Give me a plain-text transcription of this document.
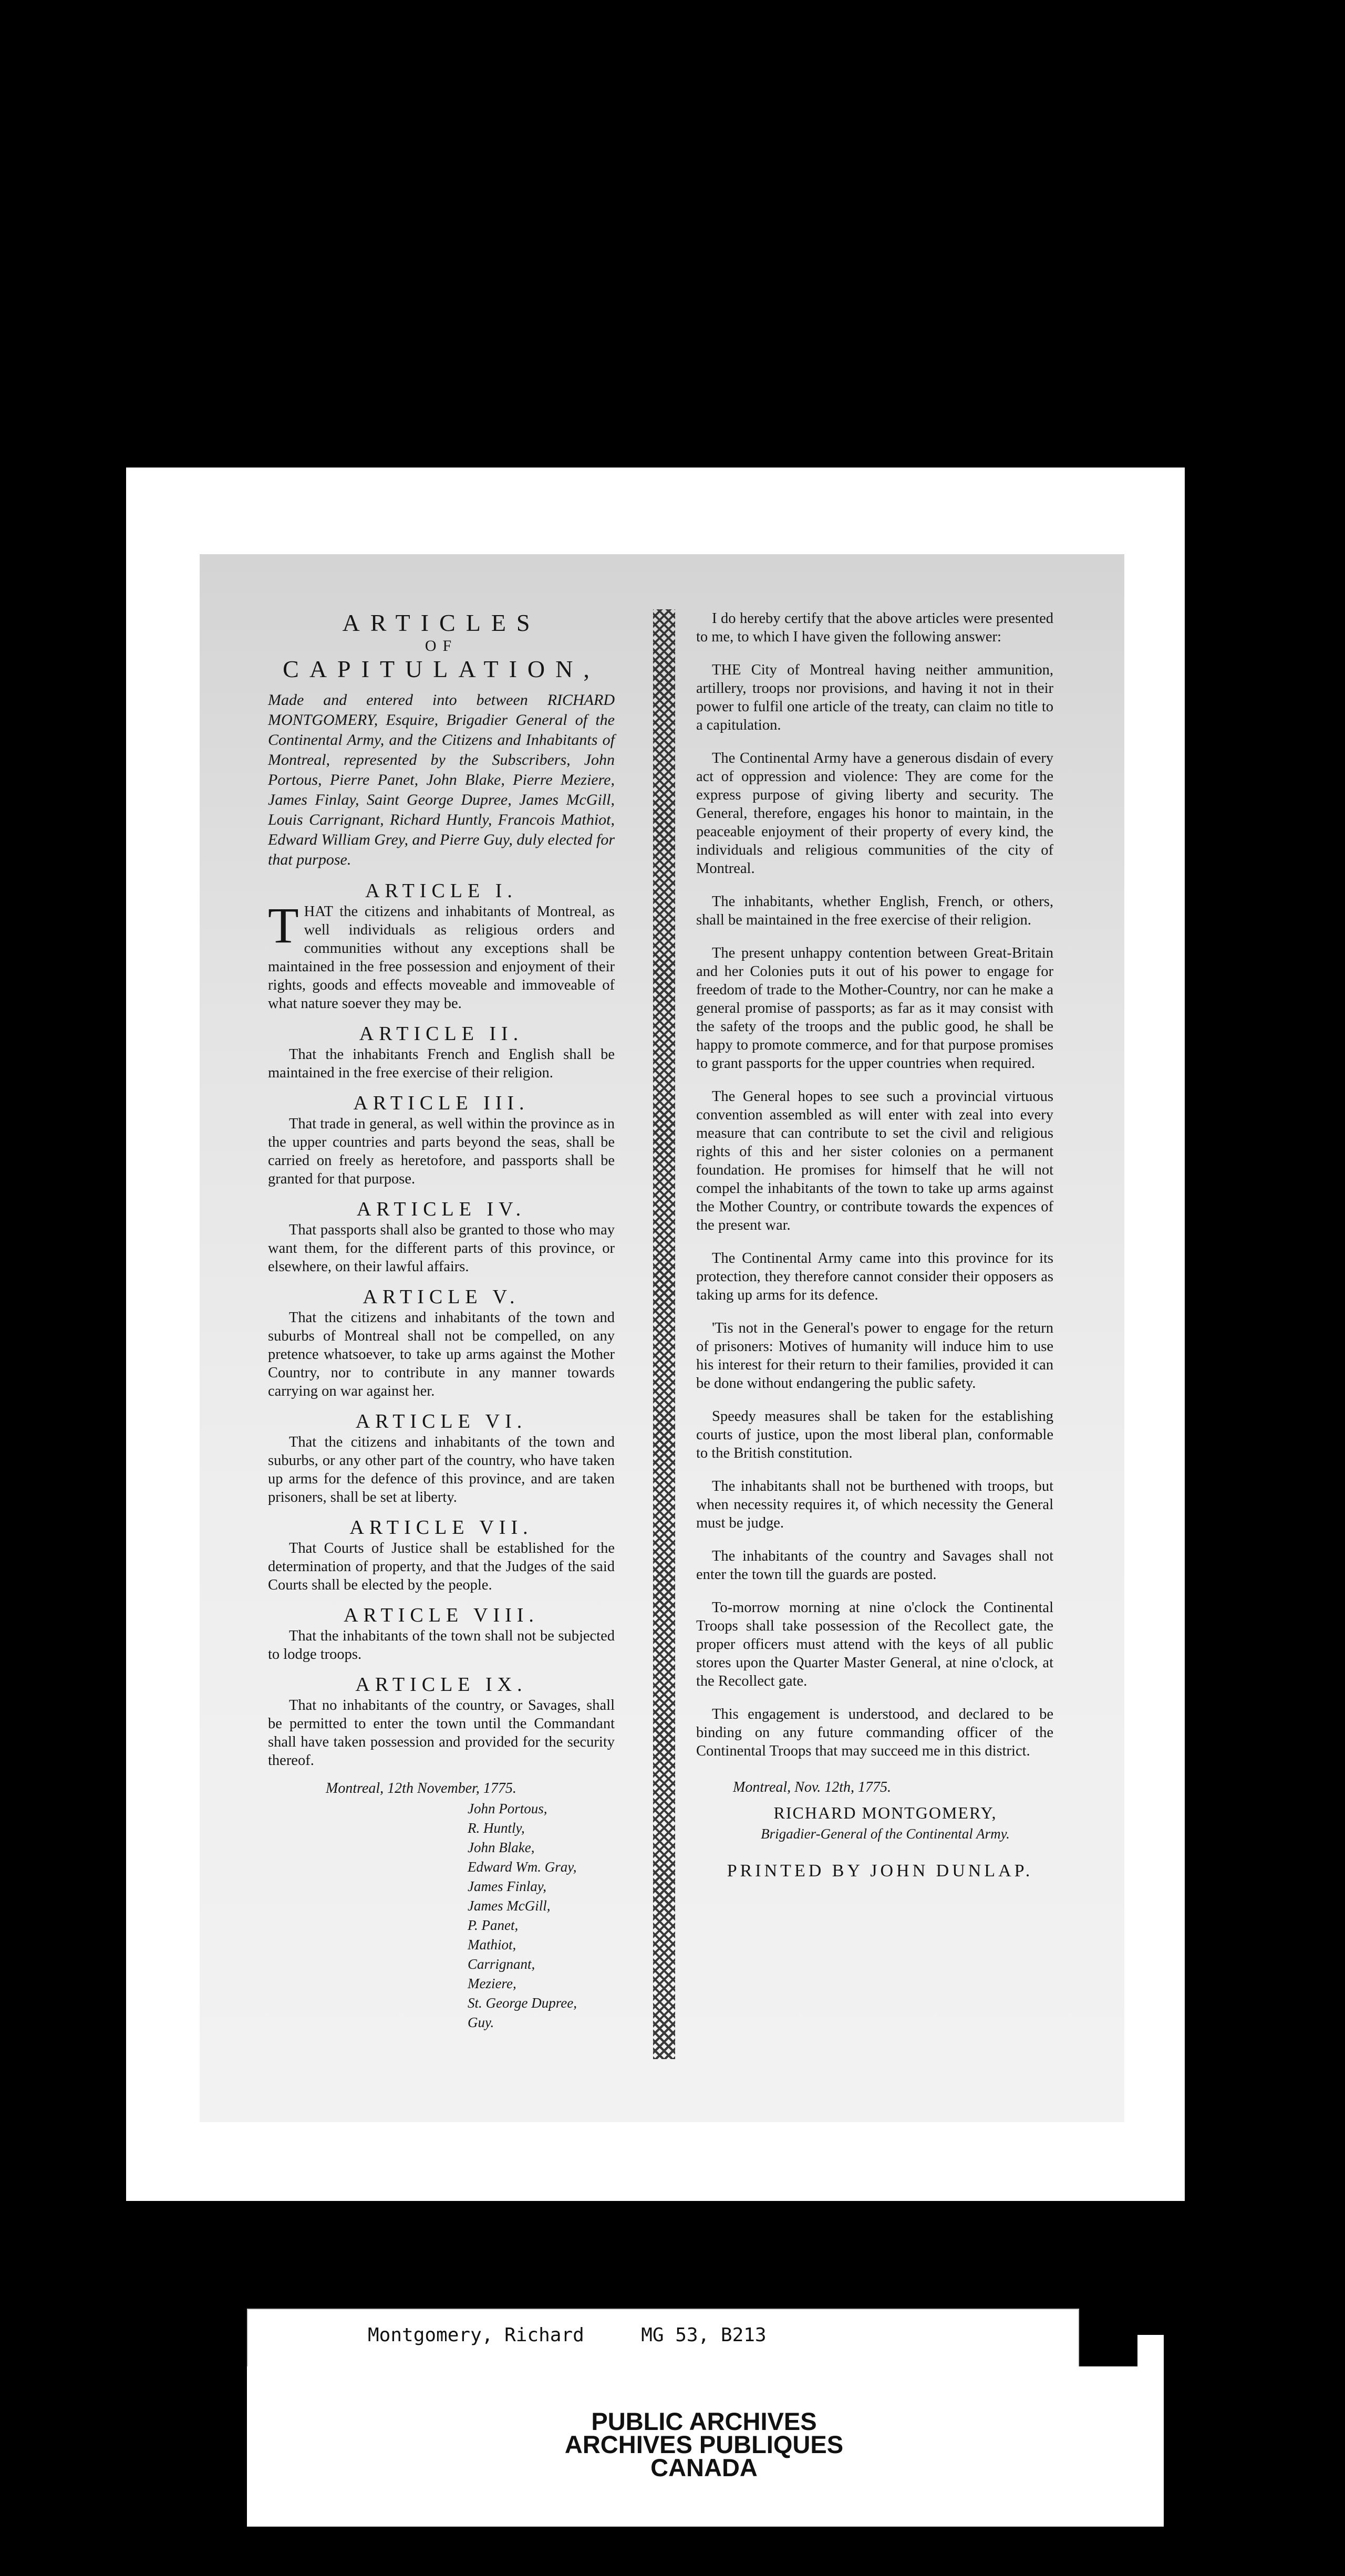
ARTICLES
OF
CAPITULATION,
Made and entered into between RICHARD MONTGOMERY, Esquire, Brigadier General of the Continental Army, and the Citizens and Inhabitants of Montreal, represented by the Subscribers, John Portous, Pierre Panet, John Blake, Pierre Meziere, James Finlay, Saint George Dupree, James McGill, Louis Carrignant, Richard Huntly, Francois Mathiot, Edward William Grey, and Pierre Guy, duly elected for that purpose.
ARTICLE I.
THAT the citizens and inhabitants of Montreal, as well individuals as religious orders and communities without any exceptions shall be maintained in the free possession and enjoyment of their rights, goods and effects moveable and immoveable of what nature soever they may be.
ARTICLE II.
That the inhabitants French and English shall be maintained in the free exercise of their religion.
ARTICLE III.
That trade in general, as well within the province as in the upper countries and parts beyond the seas, shall be carried on freely as heretofore, and passports shall be granted for that purpose.
ARTICLE IV.
That passports shall also be granted to those who may want them, for the different parts of this province, or elsewhere, on their lawful affairs.
ARTICLE V.
That the citizens and inhabitants of the town and suburbs of Montreal shall not be compelled, on any pretence whatsoever, to take up arms against the Mother Country, nor to contribute in any manner towards carrying on war against her.
ARTICLE VI.
That the citizens and inhabitants of the town and suburbs, or any other part of the country, who have taken up arms for the defence of this province, and are taken prisoners, shall be set at liberty.
ARTICLE VII.
That Courts of Justice shall be established for the determination of property, and that the Judges of the said Courts shall be elected by the people.
ARTICLE VIII.
That the inhabitants of the town shall not be subjected to lodge troops.
ARTICLE IX.
That no inhabitants of the country, or Savages, shall be permitted to enter the town until the Commandant shall have taken possession and provided for the security thereof.
Montreal, 12th November, 1775.
John Portous,
R. Huntly,
John Blake,
Edward Wm. Gray,
James Finlay,
James McGill,
P. Panet,
Mathiot,
Carrignant,
Meziere,
St. George Dupree,
Guy.
I do hereby certify that the above articles were presented to me, to which I have given the following answer:
THE City of Montreal having neither ammunition, artillery, troops nor provisions, and having it not in their power to fulfil one article of the treaty, can claim no title to a capitulation.
The Continental Army have a generous disdain of every act of oppression and violence: They are come for the express purpose of giving liberty and security. The General, therefore, engages his honor to maintain, in the peaceable enjoyment of their property of every kind, the individuals and religious communities of the city of Montreal.
The inhabitants, whether English, French, or others, shall be maintained in the free exercise of their religion.
The present unhappy contention between Great-Britain and her Colonies puts it out of his power to engage for freedom of trade to the Mother-Country, nor can he make a general promise of passports; as far as it may consist with the safety of the troops and the public good, he shall be happy to promote commerce, and for that purpose promises to grant passports for the upper countries when required.
The General hopes to see such a provincial virtuous convention assembled as will enter with zeal into every measure that can contribute to set the civil and religious rights of this and her sister colonies on a permanent foundation. He promises for himself that he will not compel the inhabitants of the town to take up arms against the Mother Country, or contribute towards the expences of the present war.
The Continental Army came into this province for its protection, they therefore cannot consider their opposers as taking up arms for its defence.
'Tis not in the General's power to engage for the return of prisoners: Motives of humanity will induce him to use his interest for their return to their families, provided it can be done without endangering the public safety.
Speedy measures shall be taken for the establishing courts of justice, upon the most liberal plan, conformable to the British constitution.
The inhabitants shall not be burthened with troops, but when necessity requires it, of which necessity the General must be judge.
The inhabitants of the country and Savages shall not enter the town till the guards are posted.
To-morrow morning at nine o'clock the Continental Troops shall take possession of the Recollect gate, the proper officers must attend with the keys of all public stores upon the Quarter Master General, at nine o'clock, at the Recollect gate.
This engagement is understood, and declared to be binding on any future commanding officer of the Continental Troops that may succeed me in this district.
Montreal, Nov. 12th, 1775.
RICHARD MONTGOMERY,
Brigadier-General of the Continental Army.
PRINTED BY JOHN DUNLAP.
Montgomery, Richard	MG 53, B213
PUBLIC ARCHIVES
ARCHIVES PUBLIQUES
CANADA
